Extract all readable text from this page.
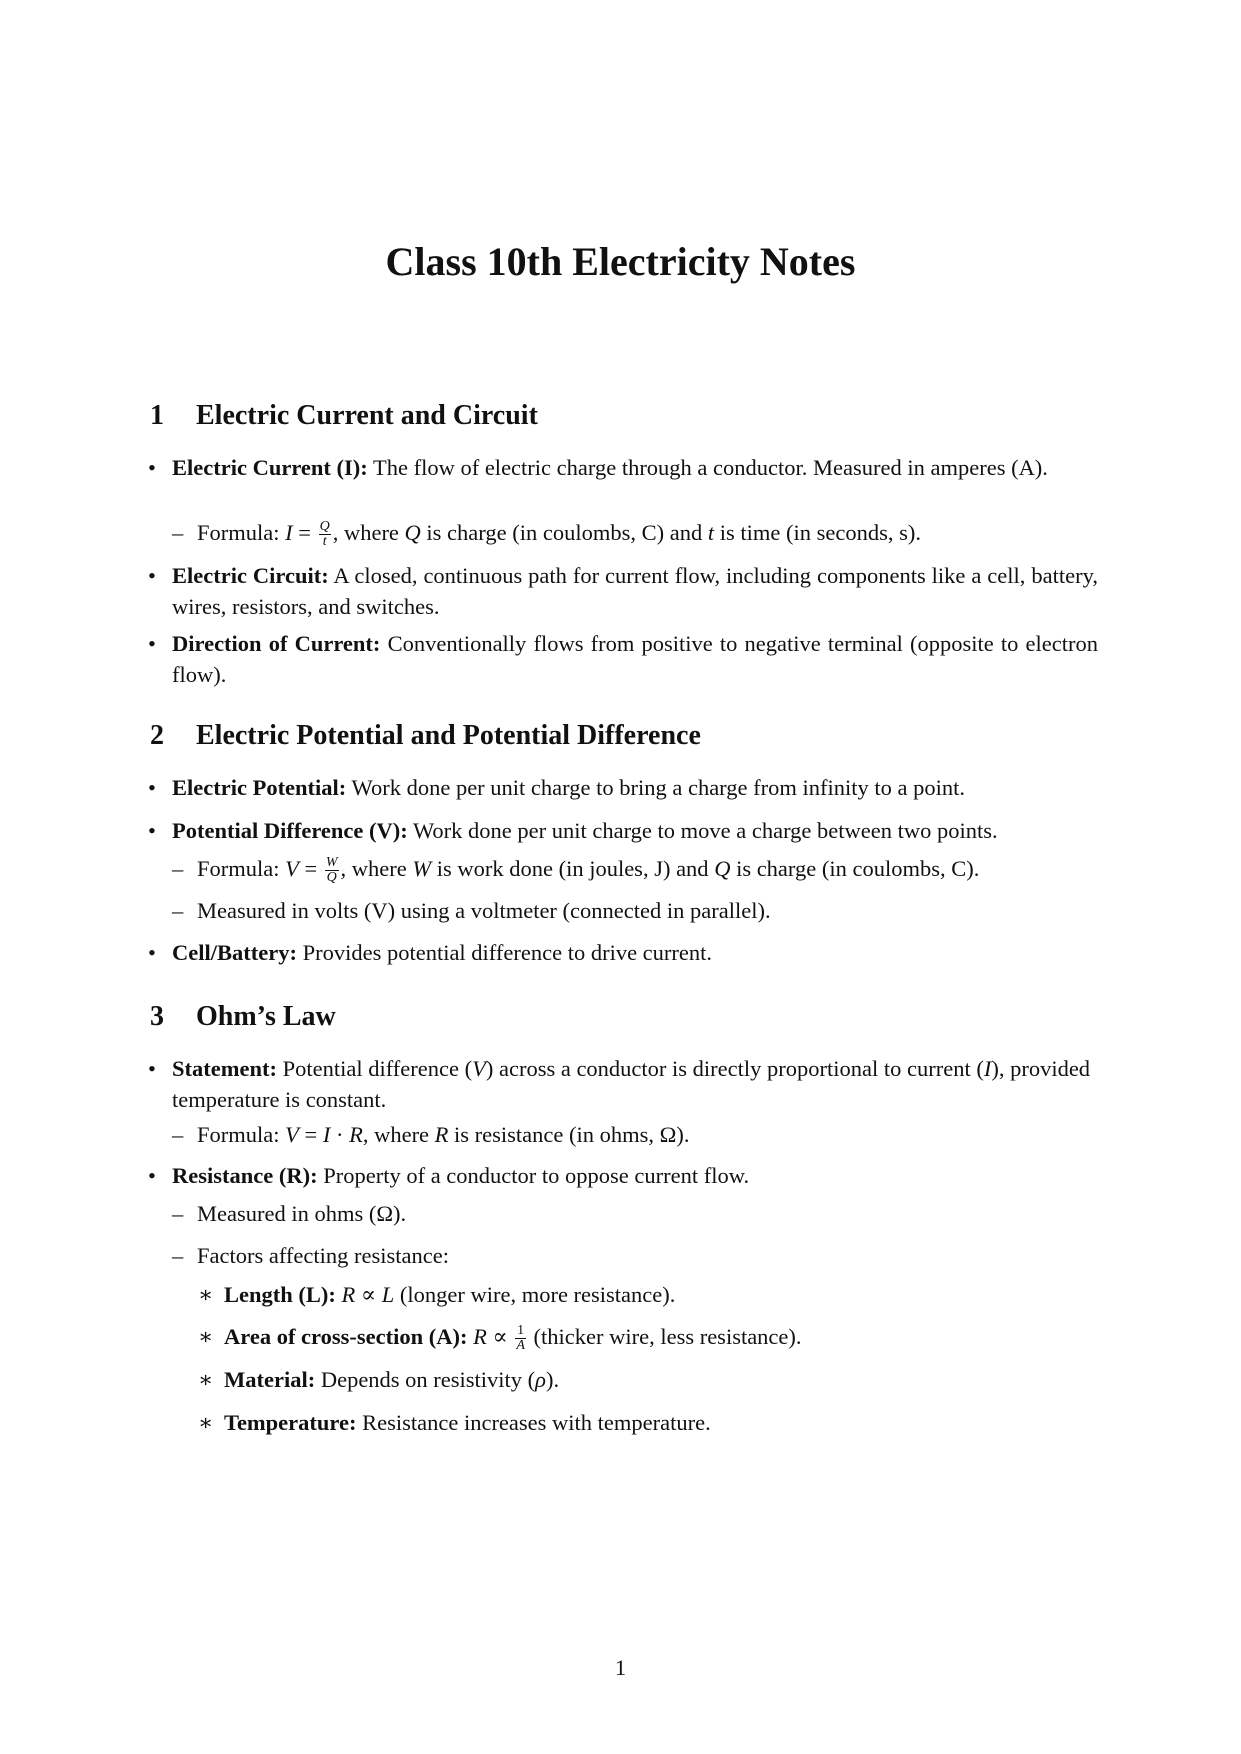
Class 10th Electricity Notes
1 Electric Current and Circuit

• Electric Current (I): The flow of electric charge through a conductor. Measured in amperes (A).

– Formula: $I = \frac{Q}{t}$ , where Q is charge (in coulombs, C) and t is time (in seconds, s).

• Electric Circuit: A closed, continuous path for current flow, including components like a cell, battery, wires, resistors, and switches.

• Direction of Current: Conventionally flows from positive to negative terminal (opposite to electron flow).

2 Electric Potential and Potential Difference

• Electric Potential: Work done per unit charge to bring a charge from infinity to a point.

• Potential Difference (V): Work done per unit charge to move a charge between two points.

– Formula: $V = \frac{W}{Q}$ , where W is work done (in joules, J) and Q is charge (in coulombs, C).

– Measured in volts (V) using a voltmeter (connected in parallel).

• Cell/Battery: Provides potential difference to drive current.

3 Ohm’s Law

• Statement: Potential difference (V) across a conductor is directly proportional to current (I), provided temperature is constant.

– Formula: V = I · R, where R is resistance (in ohms, Ω).

• Resistance (R): Property of a conductor to oppose current flow.

– Measured in ohms (Ω).

– Factors affecting resistance:

∗ Length (L): R ∝ L (longer wire, more resistance).

∗ Area of cross-section (A): $R \propto \frac{1}{A}$ (thicker wire, less resistance).

∗ Material: Depends on resistivity (ρ).

∗ Temperature: Resistance increases with temperature.

1
